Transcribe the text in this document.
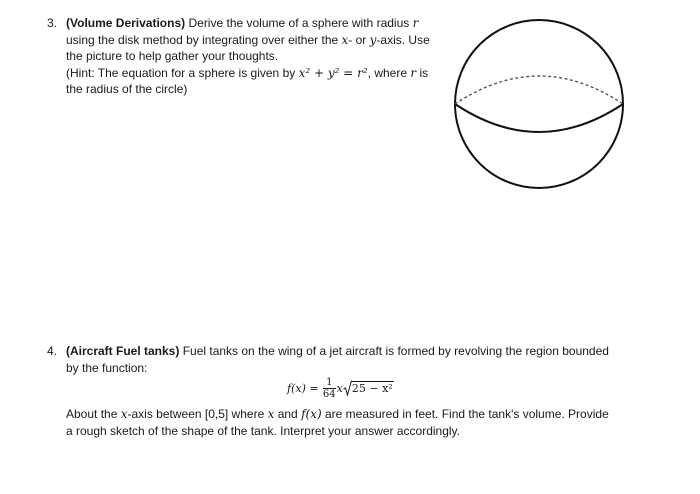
3. (Volume Derivations) Derive the volume of a sphere with radius r
using the disk method by integrating over either the x- or y-axis. Use
the picture to help gather your thoughts.
(Hint: The equation for a sphere is given by x² + y² = r², where r is
the radius of the circle)
4. (Aircraft Fuel tanks) Fuel tanks on the wing of a jet aircraft is formed by revolving the region bounded
by the function:
$f(x) = \frac{1}{64}$ x 25 − x²
About the x-axis between [0,5] where x and f(x) are measured in feet. Find the tank's volume. Provide
a rough sketch of the shape of the tank. Interpret your answer accordingly.
